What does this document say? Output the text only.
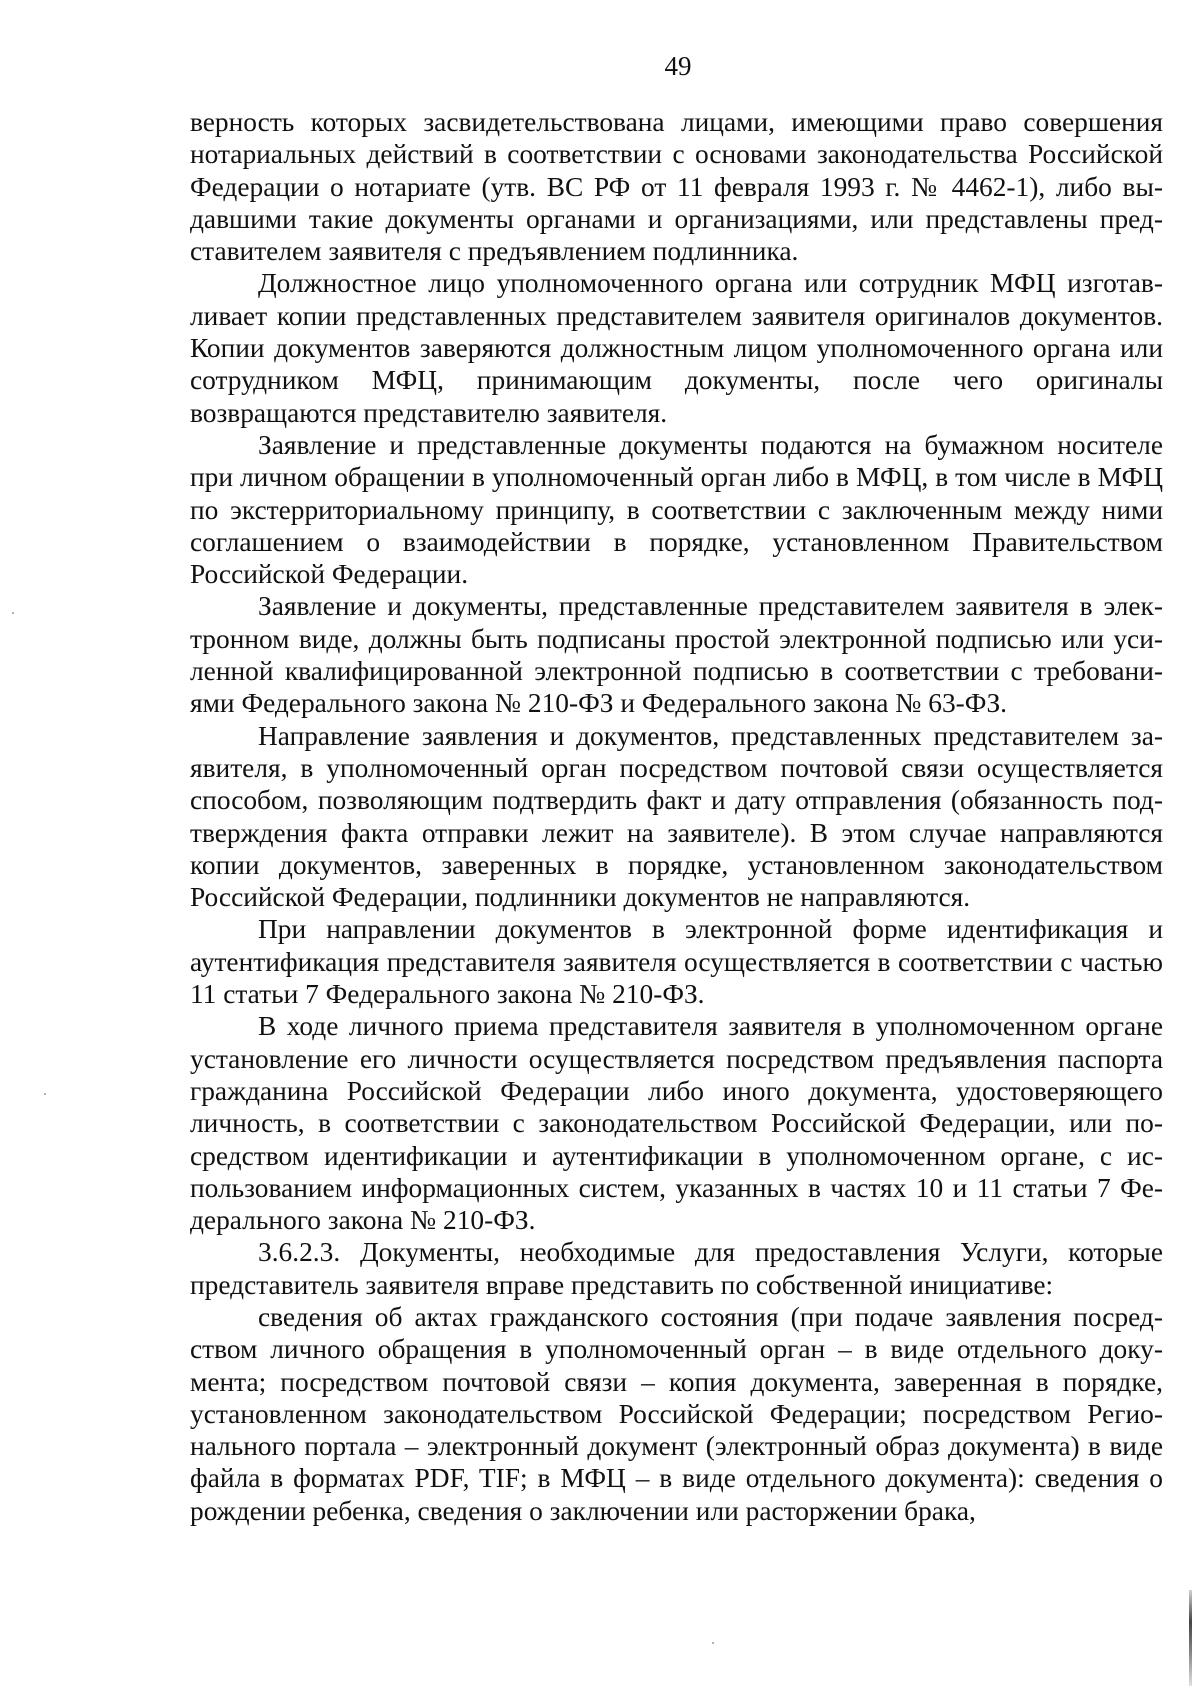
49

верность которых засвидетельствована лицами, имеющими право совершения нотариальных действий в соответствии с основами законодательства Российской Федерации о нотариате (утв. ВС РФ от 11 февраля 1993 г. № 4462-1), либо выдавшими такие документы органами и организациями, или представлены представителем заявителя с предъявлением подлинника.

Должностное лицо уполномоченного органа или сотрудник МФЦ изготавливает копии представленных представителем заявителя оригиналов документов. Копии документов заверяются должностным лицом уполномоченного органа или сотрудником МФЦ, принимающим документы, после чего оригиналы возвращаются представителю заявителя.

Заявление и представленные документы подаются на бумажном носителе при личном обращении в уполномоченный орган либо в МФЦ, в том числе в МФЦ по экстерриториальному принципу, в соответствии с заключенным между ними соглашением о взаимодействии в порядке, установленном Правительством Российской Федерации.

Заявление и документы, представленные представителем заявителя в электронном виде, должны быть подписаны простой электронной подписью или усиленной квалифицированной электронной подписью в соответствии с требованиями Федерального закона № 210-ФЗ и Федерального закона № 63-ФЗ.

Направление заявления и документов, представленных представителем заявителя, в уполномоченный орган посредством почтовой связи осуществляется способом, позволяющим подтвердить факт и дату отправления (обязанность подтверждения факта отправки лежит на заявителе). В этом случае направляются копии документов, заверенных в порядке, установленном законодательством Российской Федерации, подлинники документов не направляются.

При направлении документов в электронной форме идентификация и аутентификация представителя заявителя осуществляется в соответствии с частью 11 статьи 7 Федерального закона № 210-ФЗ.

В ходе личного приема представителя заявителя в уполномоченном органе установление его личности осуществляется посредством предъявления паспорта гражданина Российской Федерации либо иного документа, удостоверяющего личность, в соответствии с законодательством Российской Федерации, или посредством идентификации и аутентификации в уполномоченном органе, с использованием информационных систем, указанных в частях 10 и 11 статьи 7 Федерального закона № 210-ФЗ.

3.6.2.3. Документы, необходимые для предоставления Услуги, которые представитель заявителя вправе представить по собственной инициативе:

сведения об актах гражданского состояния (при подаче заявления посредством личного обращения в уполномоченный орган – в виде отдельного документа; посредством почтовой связи – копия документа, заверенная в порядке, установленном законодательством Российской Федерации; посредством Регионального портала – электронный документ (электронный образ документа) в виде файла в форматах PDF, TIF; в МФЦ – в виде отдельного документа): сведения о рождении ребенка, сведения о заключении или расторжении брака,
